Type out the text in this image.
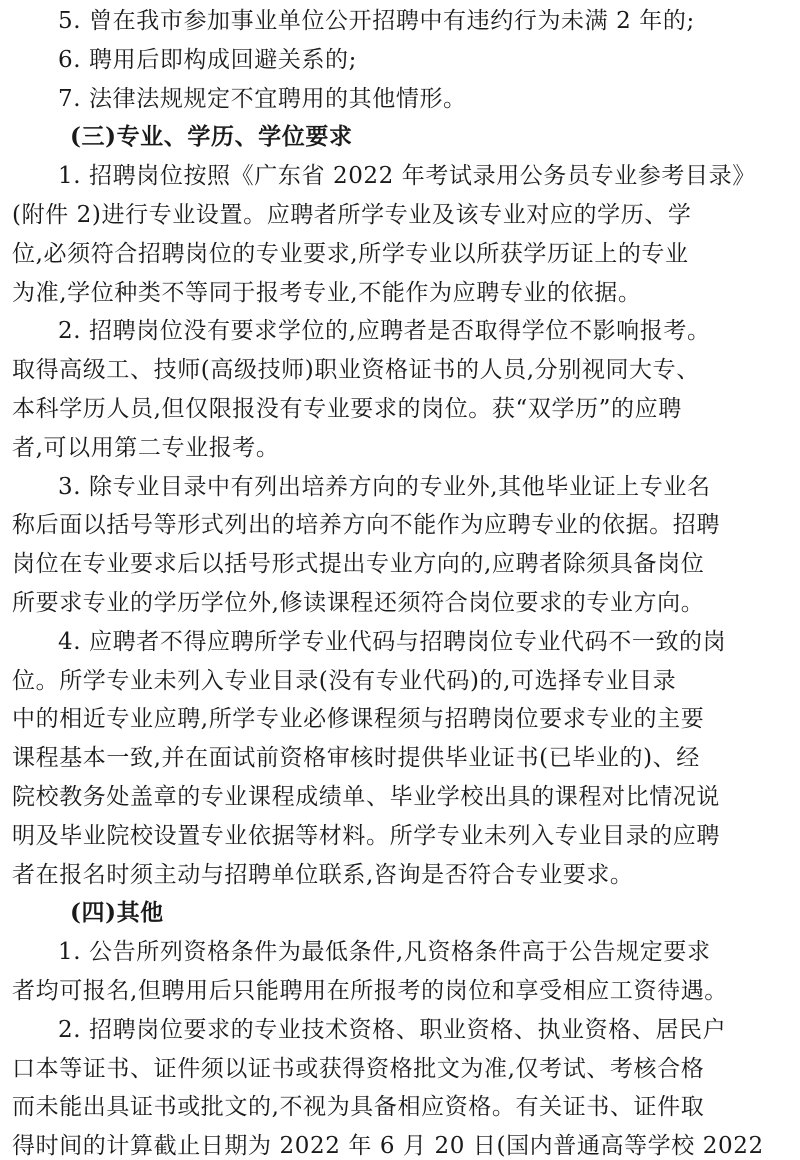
5. 曾在我市参加事业单位公开招聘中有违约行为未满 2 年的;
6. 聘用后即构成回避关系的;
7. 法律法规规定不宜聘用的其他情形。
(三)专业、学历、学位要求
1. 招聘岗位按照《广东省 2022 年考试录用公务员专业参考目录》
(附件 2)进行专业设置。应聘者所学专业及该专业对应的学历、学
位,必须符合招聘岗位的专业要求,所学专业以所获学历证上的专业
为准,学位种类不等同于报考专业,不能作为应聘专业的依据。
2. 招聘岗位没有要求学位的,应聘者是否取得学位不影响报考。
取得高级工、技师(高级技师)职业资格证书的人员,分别视同大专、
本科学历人员,但仅限报没有专业要求的岗位。获“双学历”的应聘
者,可以用第二专业报考。
3. 除专业目录中有列出培养方向的专业外,其他毕业证上专业名
称后面以括号等形式列出的培养方向不能作为应聘专业的依据。招聘
岗位在专业要求后以括号形式提出专业方向的,应聘者除须具备岗位
所要求专业的学历学位外,修读课程还须符合岗位要求的专业方向。
4. 应聘者不得应聘所学专业代码与招聘岗位专业代码不一致的岗
位。所学专业未列入专业目录(没有专业代码)的,可选择专业目录
中的相近专业应聘,所学专业必修课程须与招聘岗位要求专业的主要
课程基本一致,并在面试前资格审核时提供毕业证书(已毕业的)、经
院校教务处盖章的专业课程成绩单、毕业学校出具的课程对比情况说
明及毕业院校设置专业依据等材料。所学专业未列入专业目录的应聘
者在报名时须主动与招聘单位联系,咨询是否符合专业要求。
(四)其他
1. 公告所列资格条件为最低条件,凡资格条件高于公告规定要求
者均可报名,但聘用后只能聘用在所报考的岗位和享受相应工资待遇。
2. 招聘岗位要求的专业技术资格、职业资格、执业资格、居民户
口本等证书、证件须以证书或获得资格批文为准,仅考试、考核合格
而未能出具证书或批文的,不视为具备相应资格。有关证书、证件取
得时间的计算截止日期为 2022 年 6 月 20 日(国内普通高等学校 2022
